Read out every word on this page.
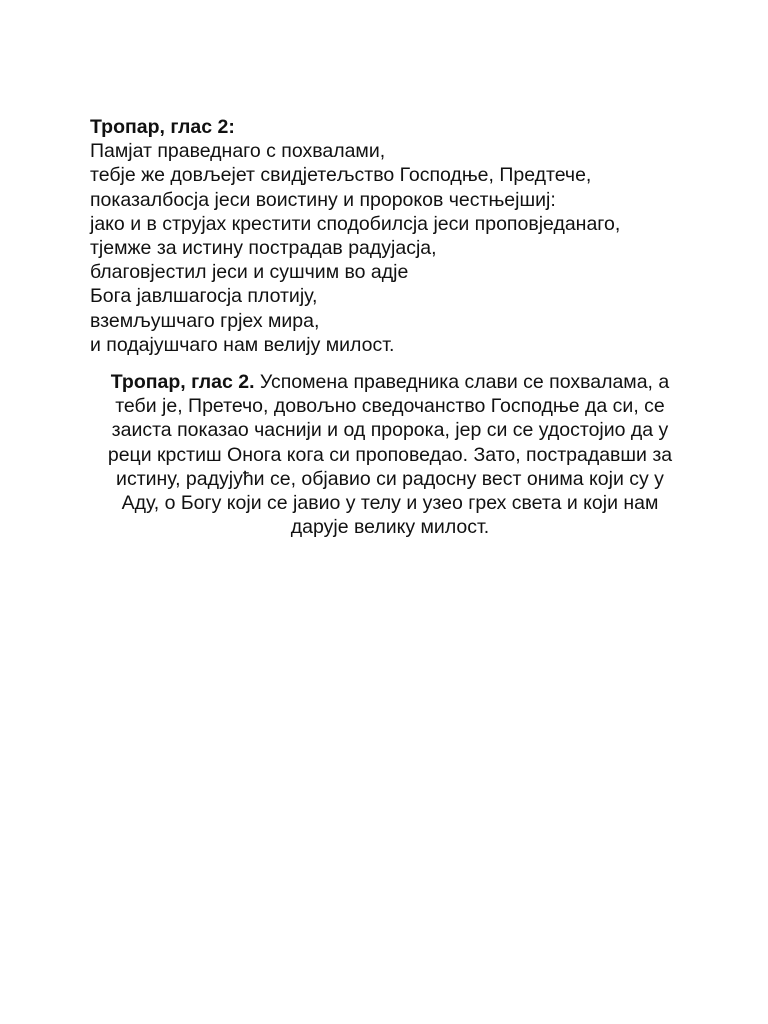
Тропар, глас 2:
Памјат праведнаго с похвалами,
тебје же довљејет свидјетељство Господње, Предтече,
показалбосја јеси воистину и пророков честњејшиј:
јако и в струјах крестити сподобилсја јеси проповједанаго,
тјемже за истину пострадав радујасја,
благовјестил јеси и сушчим во адје
Бога јавлшагосја плотију,
вземљушчаго грјех мира,
и подајушчаго нам велију милост.
Тропар, глас 2. Успомена праведника слави се похвалама, а
теби је, Претечо, довољно сведочанство Господње да си, се
заиста показао часнији и од пророка, јер си се удостојио да у
реци крстиш Онога кога си проповедао. Зато, пострадавши за
истину, радујући се, објавио си радосну вест онима који су у
Аду, о Богу који се јавио у телу и узео грех света и који нам
дарује велику милост.
